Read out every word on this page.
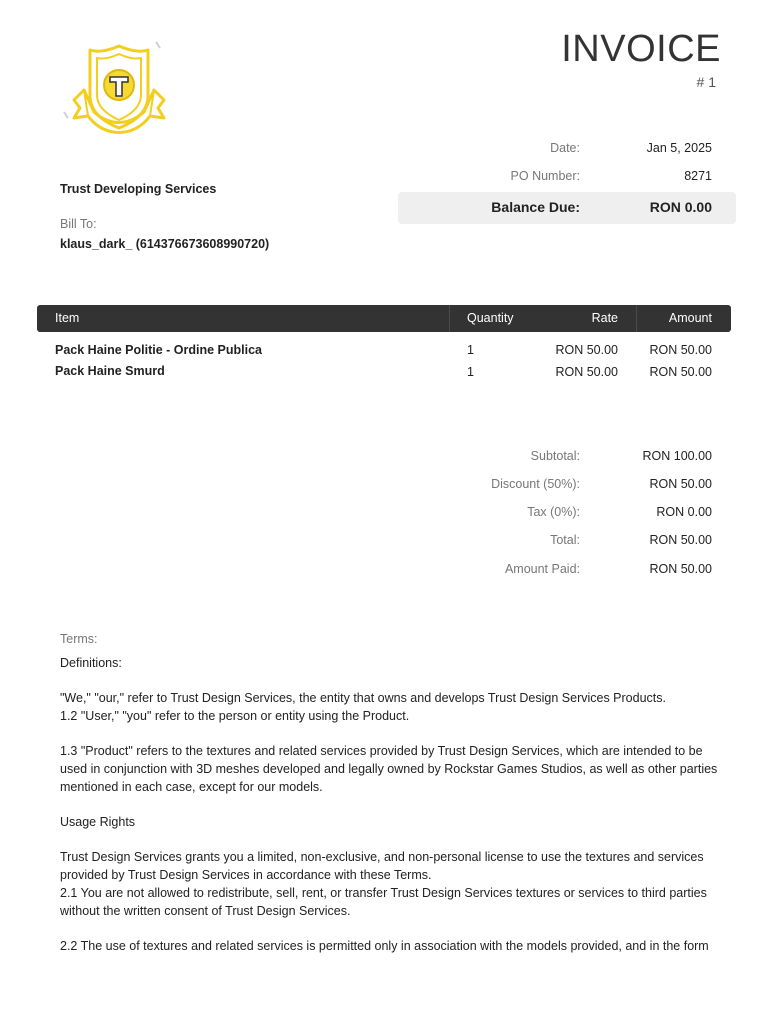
INVOICE
# 1
Date:	Jan 5, 2025
PO Number:	8271
Balance Due:	RON 0.00
Trust Developing Services
Bill To:
klaus_dark_ (614376673608990720)
Item	Quantity	Rate	Amount
Pack Haine Politie - Ordine Publica	1	RON 50.00	RON 50.00
Pack Haine Smurd	1	RON 50.00	RON 50.00
Subtotal:	RON 100.00
Discount (50%):	RON 50.00
Tax (0%):	RON 0.00
Total:	RON 50.00
Amount Paid:	RON 50.00
Terms:

Definitions:

"We," "our," refer to Trust Design Services, the entity that owns and develops Trust Design Services Products.
1.2 "User," "you" refer to the person or entity using the Product.

1.3 "Product" refers to the textures and related services provided by Trust Design Services, which are intended to be used in conjunction with 3D meshes developed and legally owned by Rockstar Games Studios, as well as other parties mentioned in each case, except for our models.

Usage Rights

Trust Design Services grants you a limited, non-exclusive, and non-personal license to use the textures and services provided by Trust Design Services in accordance with these Terms.
2.1 You are not allowed to redistribute, sell, rent, or transfer Trust Design Services textures or services to third parties without the written consent of Trust Design Services.

2.2 The use of textures and related services is permitted only in association with the models provided, and in the form
